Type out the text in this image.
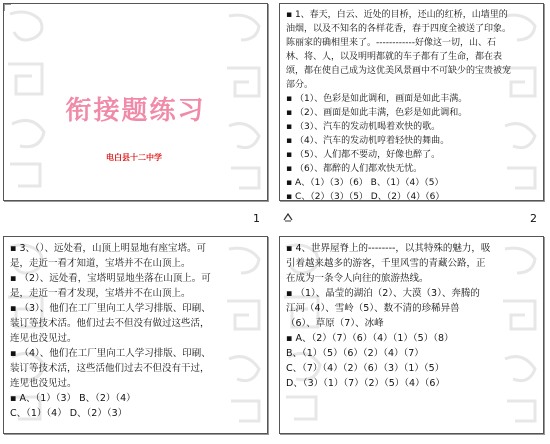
衔接题练习
电白县十二中学
1

▪ 1、春天，白云、近处的目桥，还山的红桥，山墙里的

油烟，以及不知名的各样花香，春于四度全被送了印象。

陈丽家的确相里来了。------------好像这一切，山、石

林、将、人，以及明明都就的车子都有了生命，都在表

颂，都在使自己成为这优美风景画中不可缺少的宝贵被宠

部分。

▪ （1）、色彩是如此调和，画面是如此丰满。

▪ （2）、画面是如此丰满，色彩是如此调和。

▪ （3）、汽车的发动机喝着欢快的歌。

▪ （4）、汽车的发动机哼着轻快的舞曲。

▪ （5）、人们都不要动，好像也醉了。

▪ （6）、都醉的人们都欢快无忧。

▪ A、（1）（3）（6） B、（1）（4）（5）

▪ C、（2）（3）（5） D、（2）（4）（6）

2

▪ 3、（）、远处看，山顶上明显地有座宝塔。可

是，走近一看才知道，宝塔并不在山顶上。

▪ （2）、远处看，宝塔明显地坐落在山顶上。可

是，走近一看才发现，宝塔并不在山顶上。

▪ （3）、他们在工厂里向工人学习排版、印刷、

装订等技术活。他们过去不但没有做过这些活，

连见也没见过。

▪ （4）、他们在工厂里向工人学习排版、印刷、

装订等技术活，这些活他们过去不但没有干过，

连见也没见过。

▪ A、（1）（3） B、（2）（4）

C、（1）（4） D、（2）（3）

▪ 4、世界屋脊上的--------，以其特殊的魅力，吸

引着越来越多的游客，千里风雪的青藏公路，正

在成为一条令人向往的旅游热线。

▪ （1）、晶莹的湖泊（2）、大漠（3）、奔腾的

江河（4）、雪岭（5）、数不清的珍稀异兽

（6）、草原（7）、冰峰

▪ A、（2）（7）（6）（4）（1）（5）（8）

B、（1）（5）（6）（2）（4）（7）

C、（7）（4）（2）（6）（3）（1）（5）

D、（3）（1）（7）（2）（5）（4）（6）
